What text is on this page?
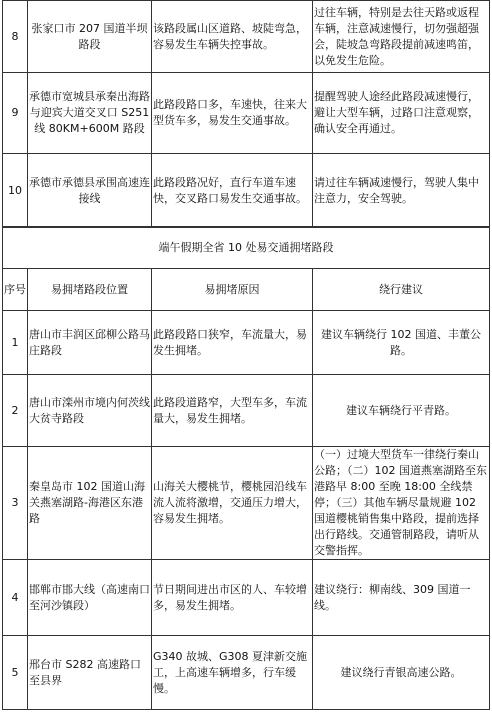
8	张家口市 207 国道半坝路段	该路段属山区道路、坡陡弯急，容易发生车辆失控事故。	过往车辆，特别是去往天路或返程车辆，注意减速慢行，切勿强超强会，陡坡急弯路段提前减速鸣笛，以免发生危险。
9	承德市宽城县承秦出海路与迎宾大道交叉口 S251 线 80KM+600M 路段	此路段路口多，车速快，往来大型货车多，易发生交通事故。	提醒驾驶人途经此路段减速慢行，避让大型车辆，过路口注意观察，确认安全再通过。
10	承德市承德县承围高速连接线	此路段路况好，直行车道车速快，交叉路口易发生交通事故。	请过往车辆减速慢行，驾驶人集中注意力，安全驾驶。
端午假期全省 10 处易交通拥堵路段			
序号	易拥堵路段位置	易拥堵原因	绕行建议
1	唐山市丰润区邱柳公路马庄路段	此路段路口狭窄，车流量大，易发生拥堵。	建议车辆绕行 102 国道、丰董公路。
2	唐山市滦州市境内何茨线大贫寺路段	此路段道路窄，大型车多，车流量大，易发生拥堵。	建议车辆绕行平青路。
3	秦皇岛市 102 国道山海关燕塞湖路-海港区东港路	山海关大樱桃节，樱桃园沿线车流人流将激增，交通压力增大，容易发生拥堵。	（一）过境大型货车一律绕行秦山公路；（二）102 国道燕塞湖路至东港路早 8:00 至晚 18:00 全线禁停；（三）其他车辆尽量规避 102 国道樱桃销售集中路段，提前选择出行路线。交通管制路段，请听从交警指挥。
4	邯郸市邯大线（高速南口至河沙镇段）	节日期间进出市区的人、车较增多，易发生拥堵。	建议绕行：柳南线、309 国道一线。
5	邢台市 S282 高速路口至县界	G340 故城、G308 夏津新交施工，上高速车辆增多，行车缓慢。	建议绕行青银高速公路。
